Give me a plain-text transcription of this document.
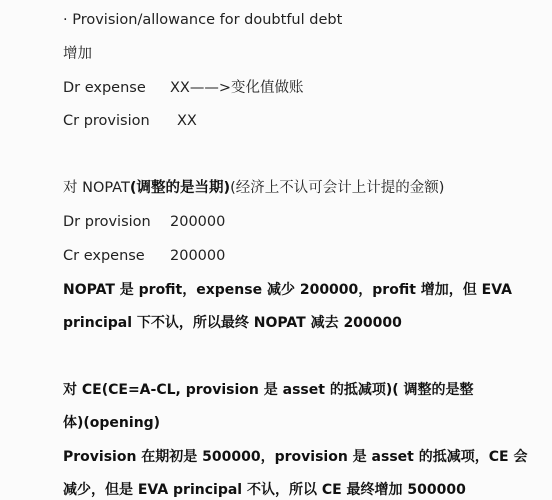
· Provision/allowance for doubtful debt
增加
Dr expense XX——>变化值做账
Cr provision XX
对 NOPAT(调整的是当期)(经济上不认可会计上计提的金额)
Dr provision 200000
Cr expense 200000
NOPAT 是 profit，expense 减少 200000，profit 增加，但 EVA
principal 下不认，所以最终 NOPAT 减去 200000
对 CE(CE=A-CL, provision 是 asset 的抵减项)( 调整的是整
体)(opening)
Provision 在期初是 500000，provision 是 asset 的抵减项，CE 会
减少，但是 EVA principal 不认，所以 CE 最终增加 500000
